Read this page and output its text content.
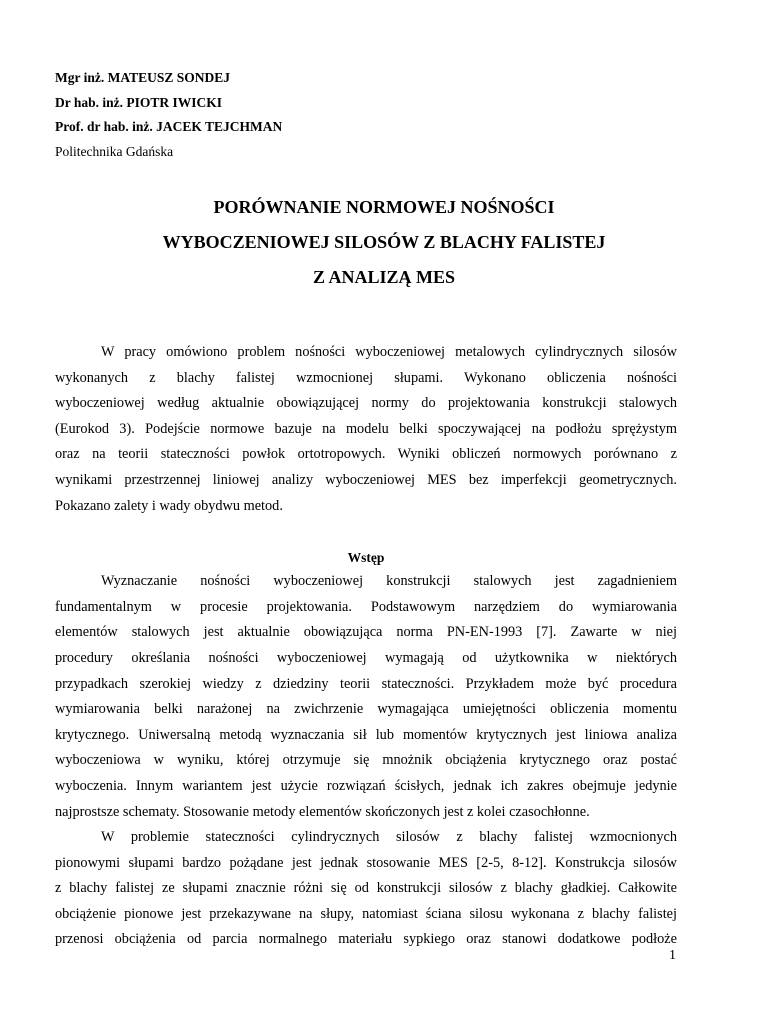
Mgr inż. MATEUSZ SONDEJ
Dr hab. inż. PIOTR IWICKI
Prof. dr hab. inż. JACEK TEJCHMAN
Politechnika Gdańska
PORÓWNANIE NORMOWEJ NOŚNOŚCI
WYBOCZENIOWEJ SILOSÓW Z BLACHY FALISTEJ
Z ANALIZĄ MES
W pracy omówiono problem nośności wyboczeniowej metalowych cylindrycznych silosów
wykonanych z blachy falistej wzmocnionej słupami. Wykonano obliczenia nośności
wyboczeniowej według aktualnie obowiązującej normy do projektowania konstrukcji stalowych
(Eurokod 3). Podejście normowe bazuje na modelu belki spoczywającej na podłożu sprężystym
oraz na teorii stateczności powłok ortotropowych. Wyniki obliczeń normowych porównano z
wynikami przestrzennej liniowej analizy wyboczeniowej MES bez imperfekcji geometrycznych.
Pokazano zalety i wady obydwu metod.
Wstęp
Wyznaczanie nośności wyboczeniowej konstrukcji stalowych jest zagadnieniem
fundamentalnym w procesie projektowania. Podstawowym narzędziem do wymiarowania
elementów stalowych jest aktualnie obowiązująca norma PN-EN-1993 [7]. Zawarte w niej
procedury określania nośności wyboczeniowej wymagają od użytkownika w niektórych
przypadkach szerokiej wiedzy z dziedziny teorii stateczności. Przykładem może być procedura
wymiarowania belki narażonej na zwichrzenie wymagająca umiejętności obliczenia momentu
krytycznego. Uniwersalną metodą wyznaczania sił lub momentów krytycznych jest liniowa analiza
wyboczeniowa w wyniku, której otrzymuje się mnożnik obciążenia krytycznego oraz postać
wyboczenia. Innym wariantem jest użycie rozwiązań ścisłych, jednak ich zakres obejmuje jedynie
najprostsze schematy. Stosowanie metody elementów skończonych jest z kolei czasochłonne.
W problemie stateczności cylindrycznych silosów z blachy falistej wzmocnionych
pionowymi słupami bardzo pożądane jest jednak stosowanie MES [2-5, 8-12]. Konstrukcja silosów
z blachy falistej ze słupami znacznie różni się od konstrukcji silosów z blachy gładkiej. Całkowite
obciążenie pionowe jest przekazywane na słupy, natomiast ściana silosu wykonana z blachy falistej
przenosi obciążenia od parcia normalnego materiału sypkiego oraz stanowi dodatkowe podłoże
1
